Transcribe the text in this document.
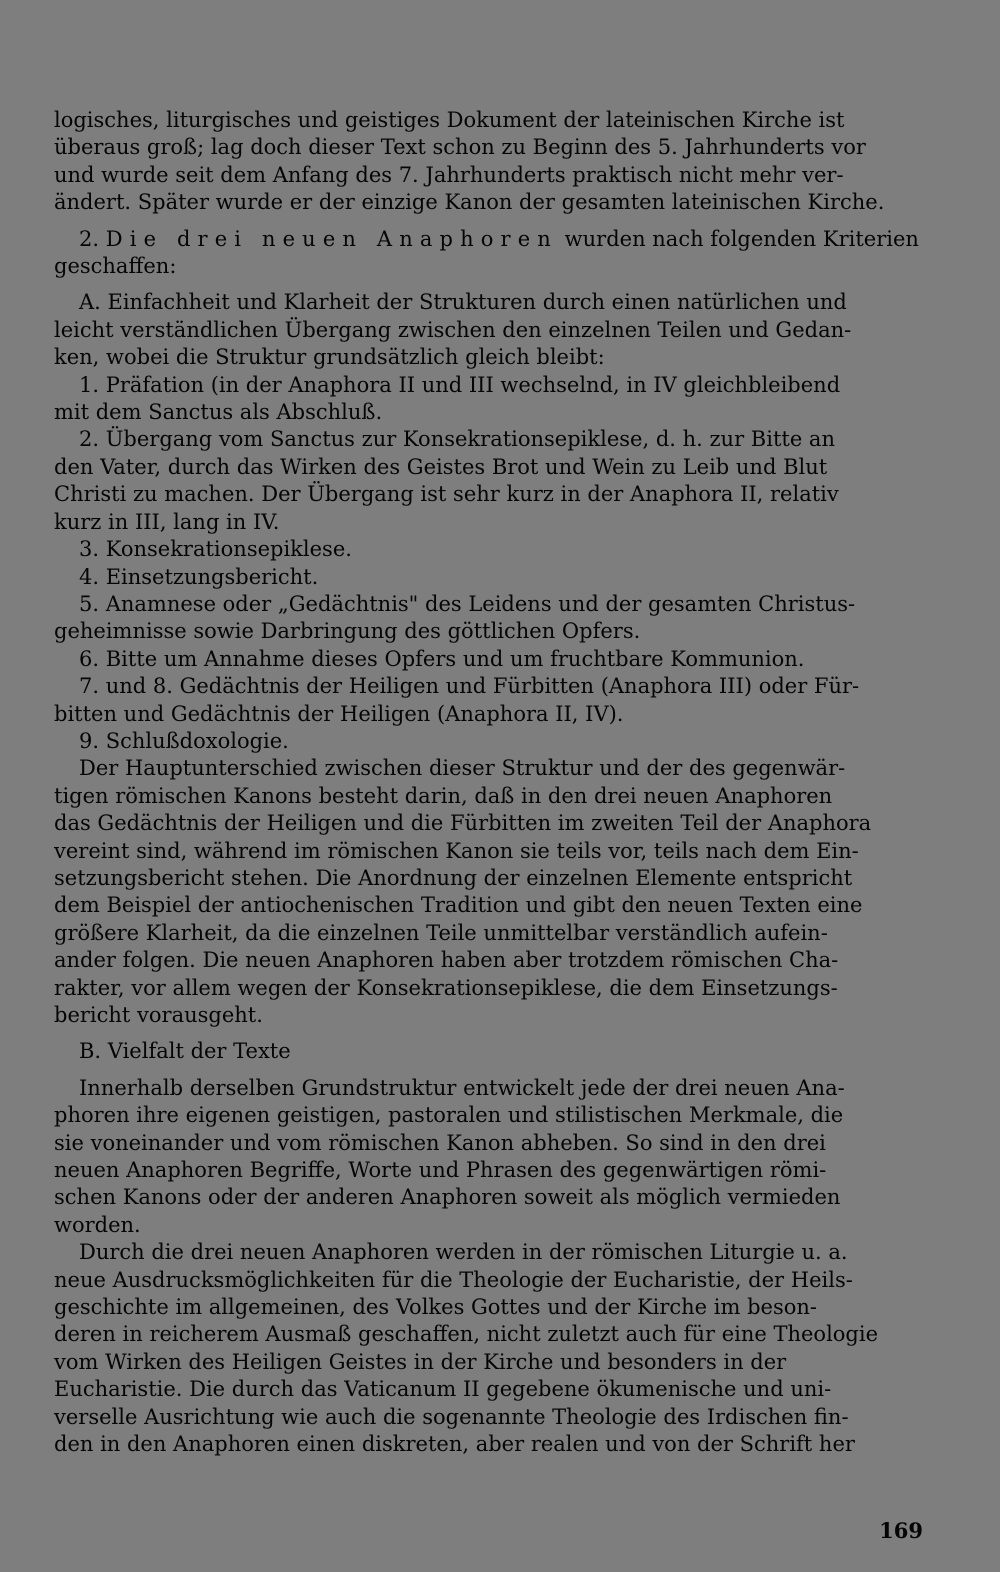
logisches, liturgisches und geistiges Dokument der lateinischen Kirche ist

überaus groß; lag doch dieser Text schon zu Beginn des 5. Jahrhunderts vor

und wurde seit dem Anfang des 7. Jahrhunderts praktisch nicht mehr ver-

ändert. Später wurde er der einzige Kanon der gesamten lateinischen Kirche.

2. Die drei neuen Anaphoren wurden nach folgenden Kriterien

geschaffen:

A. Einfachheit und Klarheit der Strukturen durch einen natürlichen und

leicht verständlichen Übergang zwischen den einzelnen Teilen und Gedan-

ken, wobei die Struktur grundsätzlich gleich bleibt:

1. Präfation (in der Anaphora II und III wechselnd, in IV gleichbleibend

mit dem Sanctus als Abschluß.

2. Übergang vom Sanctus zur Konsekrationsepiklese, d. h. zur Bitte an

den Vater, durch das Wirken des Geistes Brot und Wein zu Leib und Blut

Christi zu machen. Der Übergang ist sehr kurz in der Anaphora II, relativ

kurz in III, lang in IV.

3. Konsekrationsepiklese.

4. Einsetzungsbericht.

5. Anamnese oder „Gedächtnis" des Leidens und der gesamten Christus-

geheimnisse sowie Darbringung des göttlichen Opfers.

6. Bitte um Annahme dieses Opfers und um fruchtbare Kommunion.

7. und 8. Gedächtnis der Heiligen und Fürbitten (Anaphora III) oder Für-

bitten und Gedächtnis der Heiligen (Anaphora II, IV).

9. Schlußdoxologie.

Der Hauptunterschied zwischen dieser Struktur und der des gegenwär-

tigen römischen Kanons besteht darin, daß in den drei neuen Anaphoren

das Gedächtnis der Heiligen und die Fürbitten im zweiten Teil der Anaphora

vereint sind, während im römischen Kanon sie teils vor, teils nach dem Ein-

setzungsbericht stehen. Die Anordnung der einzelnen Elemente entspricht

dem Beispiel der antiochenischen Tradition und gibt den neuen Texten eine

größere Klarheit, da die einzelnen Teile unmittelbar verständlich aufein-

ander folgen. Die neuen Anaphoren haben aber trotzdem römischen Cha-

rakter, vor allem wegen der Konsekrationsepiklese, die dem Einsetzungs-

bericht vorausgeht.

B. Vielfalt der Texte

Innerhalb derselben Grundstruktur entwickelt jede der drei neuen Ana-

phoren ihre eigenen geistigen, pastoralen und stilistischen Merkmale, die

sie voneinander und vom römischen Kanon abheben. So sind in den drei

neuen Anaphoren Begriffe, Worte und Phrasen des gegenwärtigen römi-

schen Kanons oder der anderen Anaphoren soweit als möglich vermieden

worden.

Durch die drei neuen Anaphoren werden in der römischen Liturgie u. a.

neue Ausdrucksmöglichkeiten für die Theologie der Eucharistie, der Heils-

geschichte im allgemeinen, des Volkes Gottes und der Kirche im beson-

deren in reicherem Ausmaß geschaffen, nicht zuletzt auch für eine Theologie

vom Wirken des Heiligen Geistes in der Kirche und besonders in der

Eucharistie. Die durch das Vaticanum II gegebene ökumenische und uni-

verselle Ausrichtung wie auch die sogenannte Theologie des Irdischen fin-

den in den Anaphoren einen diskreten, aber realen und von der Schrift her

169
